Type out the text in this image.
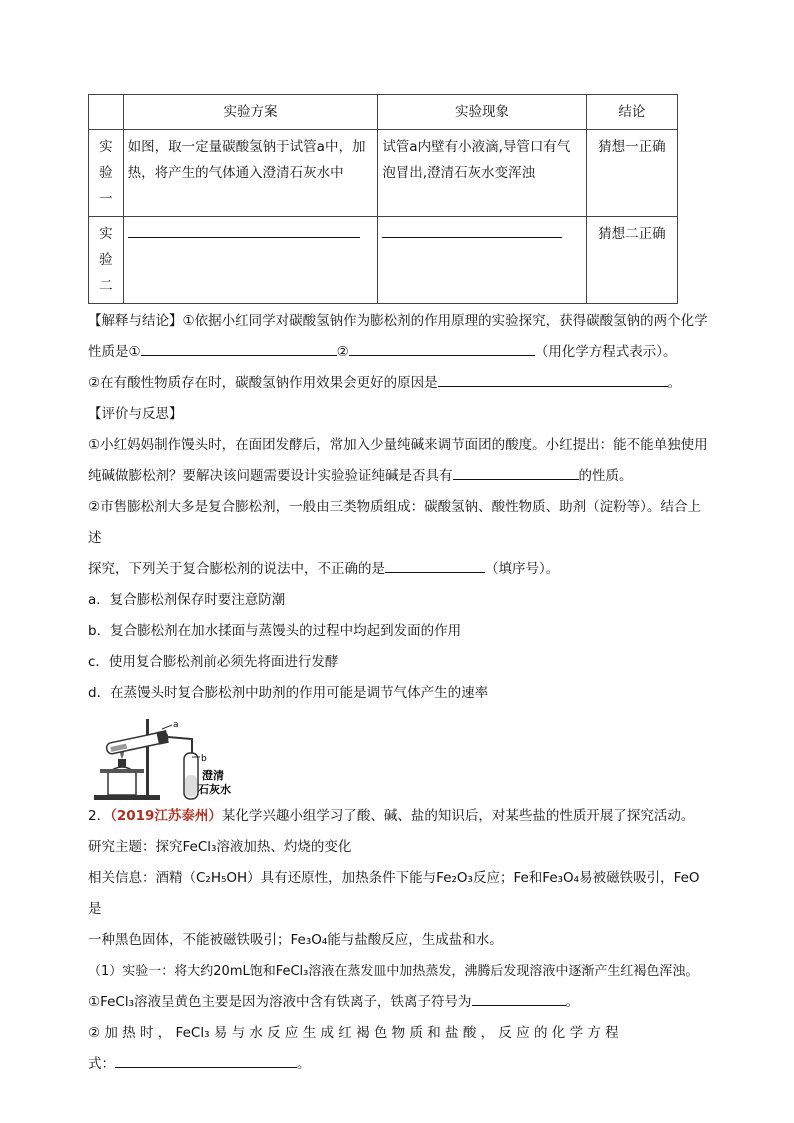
	实验方案	实验现象	结论
实验一	如图，取一定量碳酸氢钠于试管a中，加热，将产生的气体通入澄清石灰水中	试管a内壁有小液滴,导管口有气泡冒出,澄清石灰水变浑浊	猜想一正确
实验二			猜想二正确

【解释与结论】①依据小红同学对碳酸氢钠作为膨松剂的作用原理的实验探究，获得碳酸氢钠的两个化学

性质是①	②	（用化学方程式表示）。

②在有酸性物质存在时，碳酸氢钠作用效果会更好的原因是	。

【评价与反思】

①小红妈妈制作馒头时，在面团发酵后，常加入少量纯碱来调节面团的酸度。小红提出：能不能单独使用

纯碱做膨松剂？要解决该问题需要设计实验验证纯碱是否具有	的性质。

②市售膨松剂大多是复合膨松剂，一般由三类物质组成：碳酸氢钠、酸性物质、助剂（淀粉等）。结合上述

探究，下列关于复合膨松剂的说法中，不正确的是	（填序号）。

a．复合膨松剂保存时要注意防潮

b．复合膨松剂在加水揉面与蒸馒头的过程中均起到发面的作用

c．使用复合膨松剂前必须先将面进行发酵

d．在蒸馒头时复合膨松剂中助剂的作用可能是调节气体产生的速率

a
b
澄清
石灰水

2．（2019江苏泰州）某化学兴趣小组学习了酸、碱、盐的知识后，对某些盐的性质开展了探究活动。

研究主题：探究FeCl₃溶液加热、灼烧的变化

相关信息：酒精（C₂H₅OH）具有还原性，加热条件下能与Fe₂O₃反应；Fe和Fe₃O₄易被磁铁吸引，FeO是

一种黑色固体，不能被磁铁吸引；Fe₃O₄能与盐酸反应，生成盐和水。

（1）实验一：将大约20mL饱和FeCl₃溶液在蒸发皿中加热蒸发，沸腾后发现溶液中逐渐产生红褐色浑浊。

①FeCl₃溶液呈黄色主要是因为溶液中含有铁离子，铁离子符号为	。

② 加 热 时 ， FeCl₃ 易 与 水 反 应 生 成 红 褐 色 物 质 和 盐 酸 ， 反 应 的 化 学 方 程

式：	。
